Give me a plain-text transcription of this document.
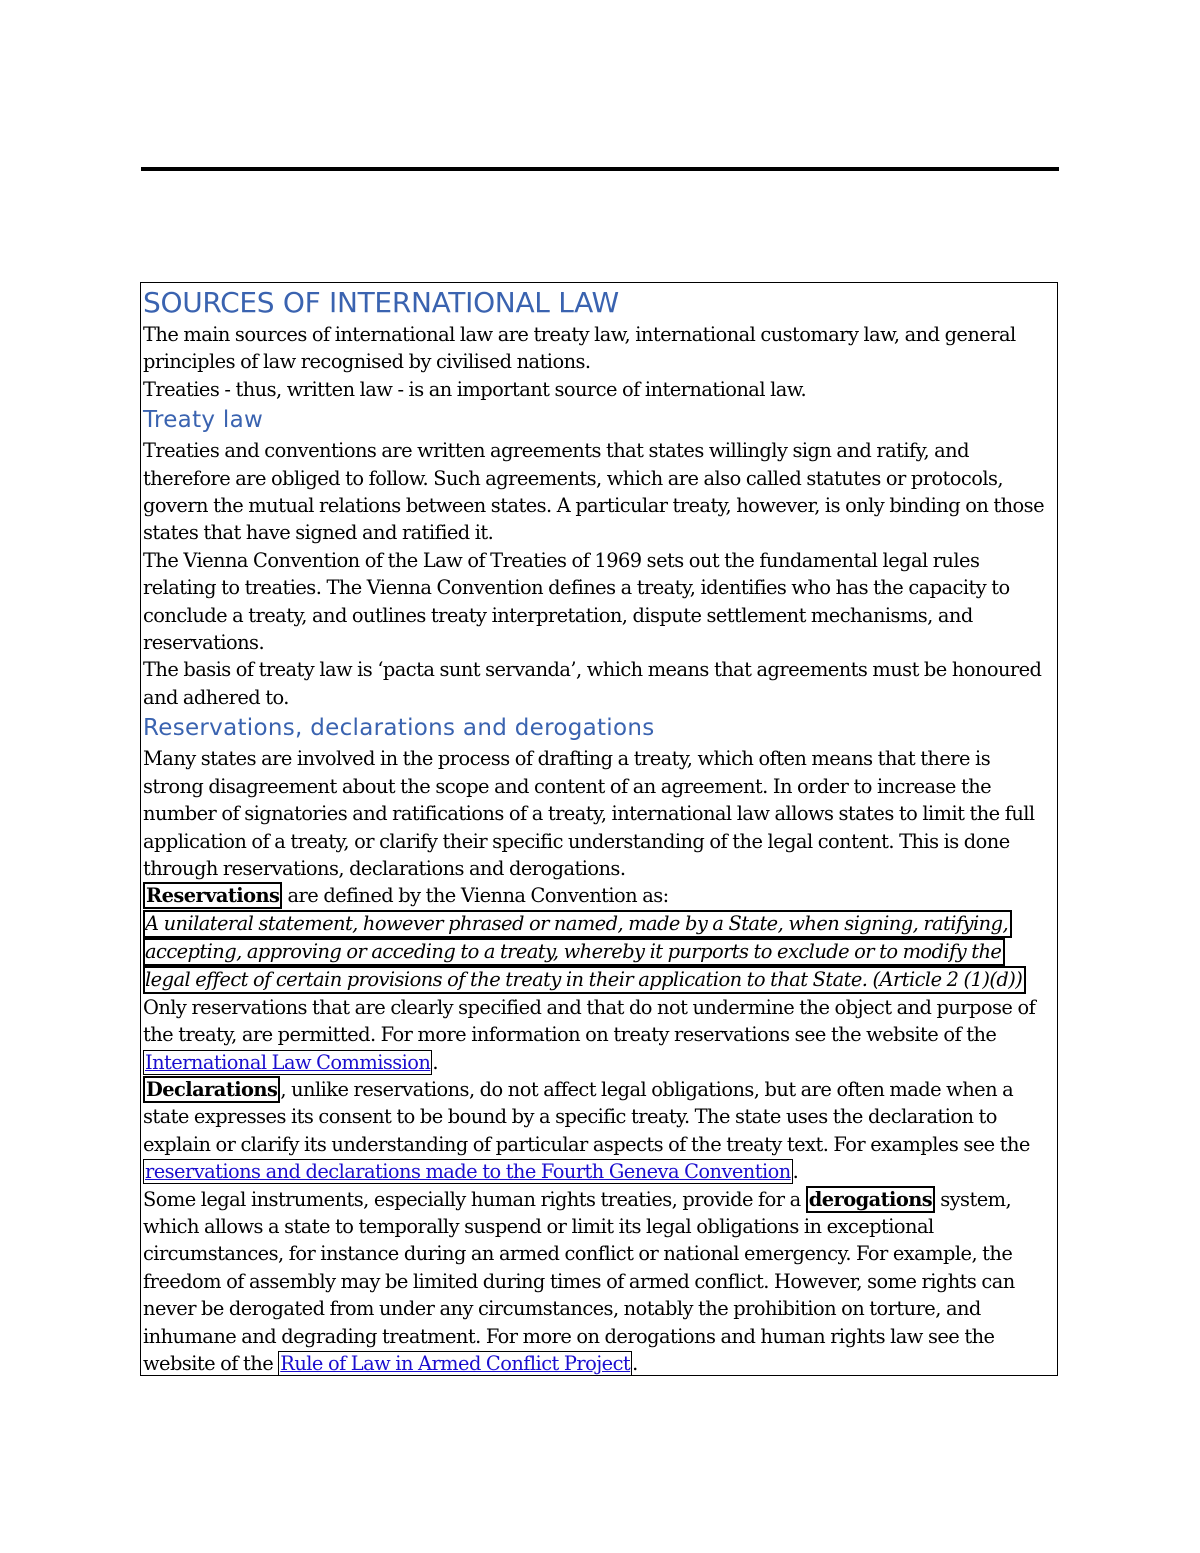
SOURCES OF INTERNATIONAL LAW

The main sources of international law are treaty law, international customary law, and general principles of law recognised by civilised nations.

Treaties - thus, written law - is an important source of international law.

Treaty law

Treaties and conventions are written agreements that states willingly sign and ratify, and therefore are obliged to follow. Such agreements, which are also called statutes or protocols, govern the mutual relations between states. A particular treaty, however, is only binding on those states that have signed and ratified it.

The Vienna Convention of the Law of Treaties of 1969 sets out the fundamental legal rules relating to treaties. The Vienna Convention defines a treaty, identifies who has the capacity to conclude a treaty, and outlines treaty interpretation, dispute settlement mechanisms, and reservations.

The basis of treaty law is ‘pacta sunt servanda’, which means that agreements must be honoured and adhered to.

Reservations, declarations and derogations

Many states are involved in the process of drafting a treaty, which often means that there is strong disagreement about the scope and content of an agreement. In order to increase the number of signatories and ratifications of a treaty, international law allows states to limit the full application of a treaty, or clarify their specific understanding of the legal content. This is done through reservations, declarations and derogations.

Reservations are defined by the Vienna Convention as:

A unilateral statement, however phrased or named, made by a State, when signing, ratifying,

accepting, approving or acceding to a treaty, whereby it purports to exclude or to modify the

legal effect of certain provisions of the treaty in their application to that State. (Article 2 (1)(d))

Only reservations that are clearly specified and that do not undermine the object and purpose of the treaty, are permitted. For more information on treaty reservations see the website of the International Law Commission .

Declarations , unlike reservations, do not affect legal obligations, but are often made when a state expresses its consent to be bound by a specific treaty. The state uses the declaration to explain or clarify its understanding of particular aspects of the treaty text. For examples see the reservations and declarations made to the Fourth Geneva Convention .

Some legal instruments, especially human rights treaties, provide for a derogations system, which allows a state to temporally suspend or limit its legal obligations in exceptional circumstances, for instance during an armed conflict or national emergency. For example, the freedom of assembly may be limited during times of armed conflict. However, some rights can never be derogated from under any circumstances, notably the prohibition on torture, and inhumane and degrading treatment. For more on derogations and human rights law see the website of the Rule of Law in Armed Conflict Project .
